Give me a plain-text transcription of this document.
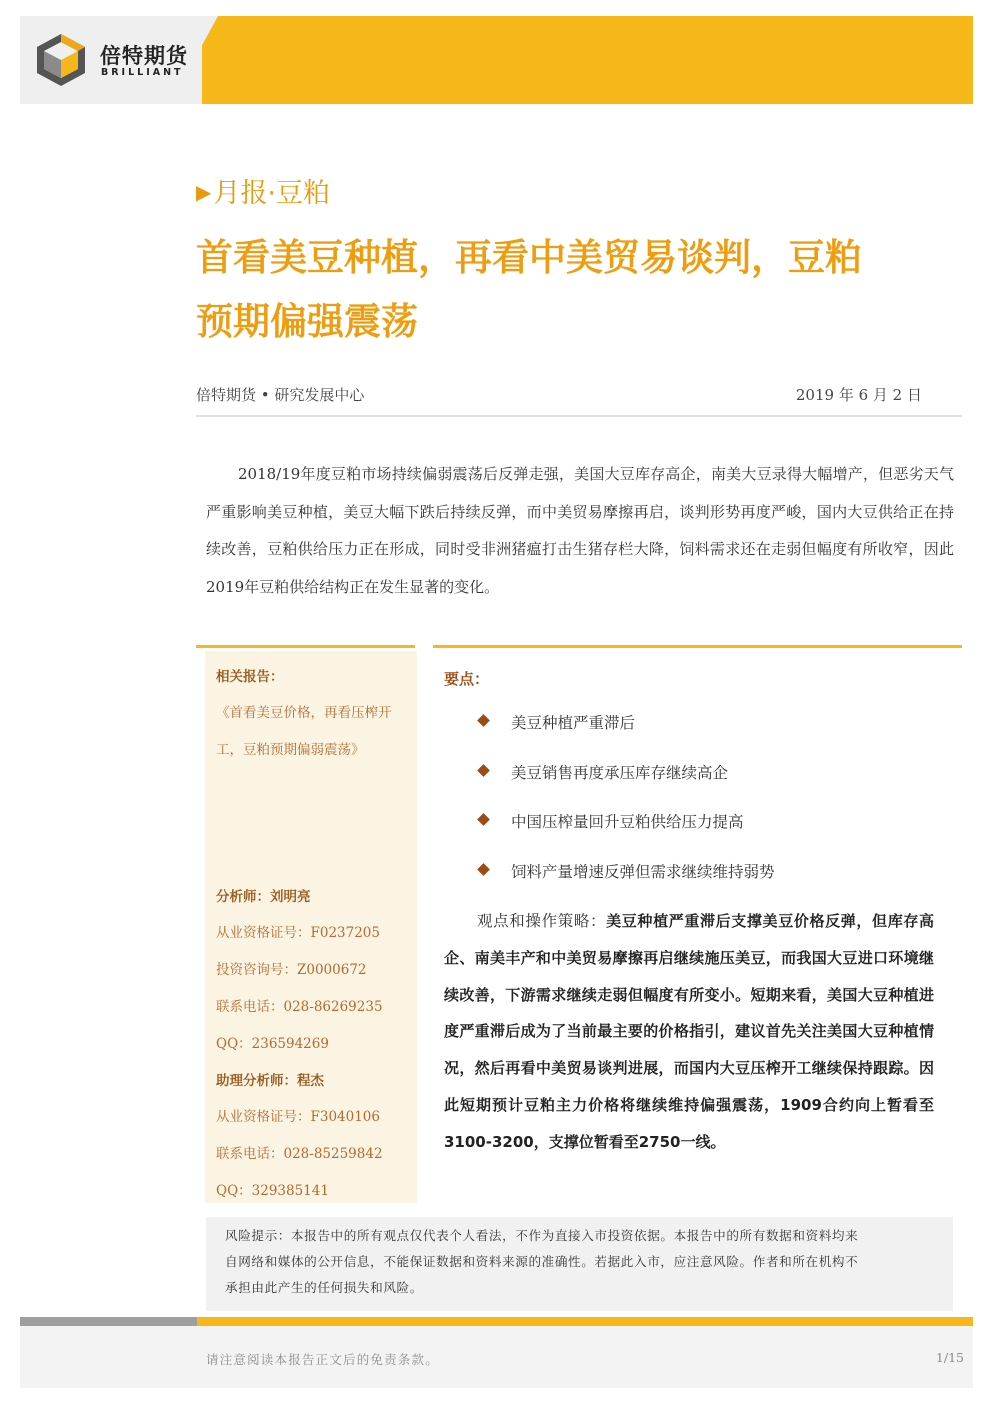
倍特期货
BRILLIANT
▶月报·豆粕
首看美豆种植，再看中美贸易谈判，豆粕
预期偏强震荡
倍特期货 • 研究发展中心	2019 年 6 月 2 日

2018/19年度豆粕市场持续偏弱震荡后反弹走强，美国大豆库存高企，南美大豆录得大幅增产，但恶劣天气严重影响美豆种植，美豆大幅下跌后持续反弹，而中美贸易摩擦再启，谈判形势再度严峻，国内大豆供给正在持续改善，豆粕供给压力正在形成，同时受非洲猪瘟打击生猪存栏大降，饲料需求还在走弱但幅度有所收窄，因此2019年豆粕供给结构正在发生显著的变化。

相关报告：
《首看美豆价格，再看压榨开
工，豆粕预期偏弱震荡》
分析师：刘明亮
从业资格证号：F0237205
投资咨询号：Z0000672
联系电话：028-86269235
QQ：236594269
助理分析师：程杰
从业资格证号：F3040106
联系电话：028-85259842
QQ：329385141
要点：
美豆种植严重滞后
美豆销售再度承压库存继续高企
中国压榨量回升豆粕供给压力提高
饲料产量增速反弹但需求继续维持弱势

观点和操作策略：美豆种植严重滞后支撑美豆价格反弹，但库存高企、南美丰产和中美贸易摩擦再启继续施压美豆，而我国大豆进口环境继续改善，下游需求继续走弱但幅度有所变小。短期来看，美国大豆种植进度严重滞后成为了当前最主要的价格指引，建议首先关注美国大豆种植情况，然后再看中美贸易谈判进展，而国内大豆压榨开工继续保持跟踪。因此短期预计豆粕主力价格将继续维持偏强震荡，1909合约向上暂看至3100-3200，支撑位暂看至2750一线。

风险提示：本报告中的所有观点仅代表个人看法，不作为直接入市投资依据。本报告中的所有数据和资料均来

自网络和媒体的公开信息，不能保证数据和资料来源的准确性。若据此入市，应注意风险。作者和所在机构不

承担由此产生的任何损失和风险。

请注意阅读本报告正文后的免责条款。	1/15
